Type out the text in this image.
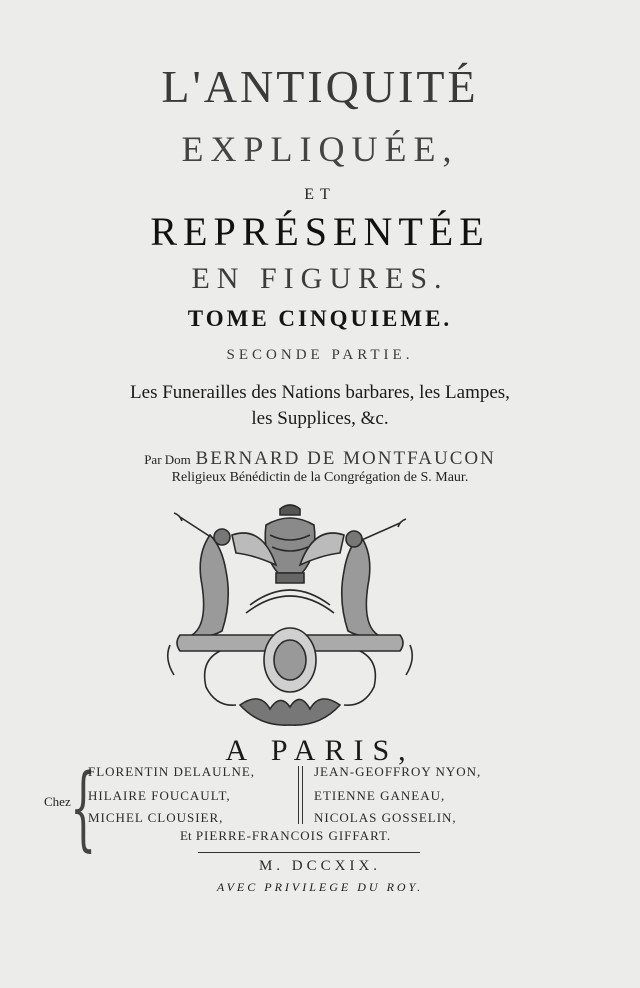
L'ANTIQUITÉ
EXPLIQUÉE,
ET
REPRÉSENTÉE
EN FIGURES.
TOME CINQUIEME.
SECONDE PARTIE.
Les Funerailles des Nations barbares, les Lampes,
les Supplices, &c.
Par Dom BERNARD DE MONTFAUCON
Religieux Bénédictin de la Congrégation de S. Maur.
A PARIS,
Chez {
FLORENTIN DELAULNE,
HILAIRE FOUCAULT,
MICHEL CLOUSIER,
JEAN-GEOFFROY NYON,
ETIENNE GANEAU,
NICOLAS GOSSELIN,
Et PIERRE-FRANCOIS GIFFART.
M. DCCXIX.
AVEC PRIVILEGE DU ROY.
